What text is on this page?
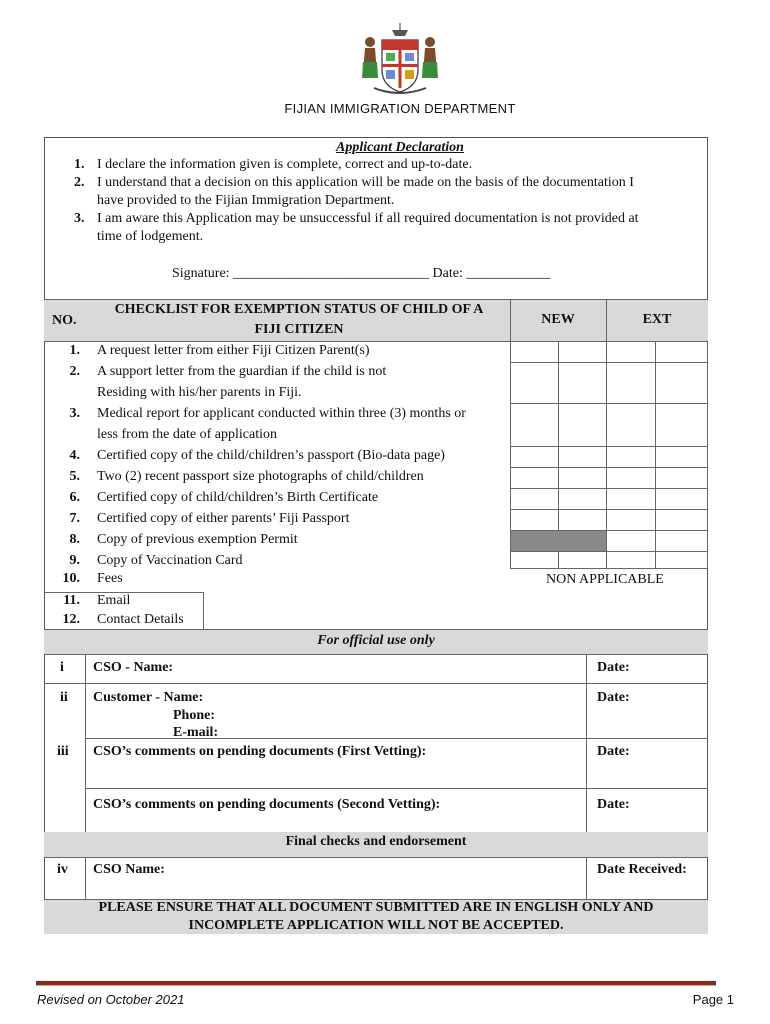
FIJIAN IMMIGRATION DEPARTMENT
Applicant Declaration
1. I declare the information given is complete, correct and up-to-date.
2. I understand that a decision on this application will be made on the basis of the documentation I
have provided to the Fijian Immigration Department.
3. I am aware this Application may be unsuccessful if all required documentation is not provided at
time of lodgement.
Signature: ____________________________ Date: ____________
NO.
CHECKLIST FOR EXEMPTION STATUS OF CHILD OF A
FIJI CITIZEN
NEW	EXT
1. A request letter from either Fiji Citizen Parent(s)
2. A support letter from the guardian if the child is not
Residing with his/her parents in Fiji.
3. Medical report for applicant conducted within three (3) months or
less from the date of application
4. Certified copy of the child/children’s passport (Bio-data page)
5. Two (2) recent passport size photographs of child/children
6. Certified copy of child/children’s Birth Certificate
7. Certified copy of either parents’ Fiji Passport
8. Copy of previous exemption Permit
9. Copy of Vaccination Card
10. Fees	NON APPLICABLE
11. Email
12. Contact Details
For official use only
i CSO - Name:	Date:
ii Customer - Name:
Phone:
E-mail:
Date:
iii CSO’s comments on pending documents (First Vetting):	Date:
CSO’s comments on pending documents (Second Vetting):	Date:
Final checks and endorsement
iv CSO Name:	Date Received:
PLEASE ENSURE THAT ALL DOCUMENT SUBMITTED ARE IN ENGLISH ONLY AND
INCOMPLETE APPLICATION WILL NOT BE ACCEPTED.
Revised on October 2021	Page 1
